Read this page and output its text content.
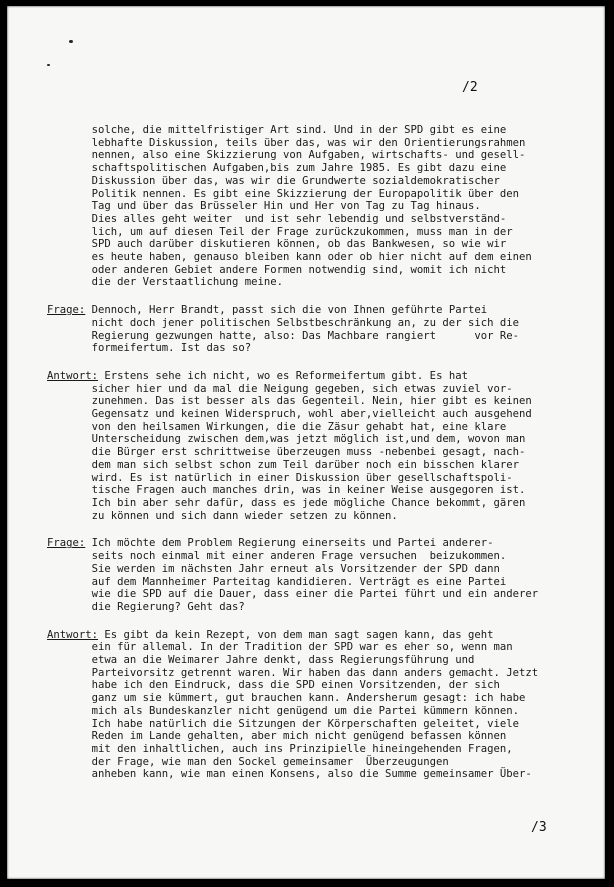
/2
solche, die mittelfristiger Art sind. Und in der SPD gibt es eine
lebhafte Diskussion, teils über das, was wir den Orientierungsrahmen
nennen, also eine Skizzierung von Aufgaben, wirtschafts- und gesell-
schaftspolitischen Aufgaben,bis zum Jahre 1985. Es gibt dazu eine
Diskussion über das, was wir die Grundwerte sozialdemokratischer
Politik nennen. Es gibt eine Skizzierung der Europapolitik über den
Tag und über das Brüsseler Hin und Her von Tag zu Tag hinaus.
Dies alles geht weiter  und ist sehr lebendig und selbstverständ-
lich, um auf diesen Teil der Frage zurückzukommen, muss man in der
SPD auch darüber diskutieren können, ob das Bankwesen, so wie wir
es heute haben, genauso bleiben kann oder ob hier nicht auf dem einen
oder anderen Gebiet andere Formen notwendig sind, womit ich nicht
die der Verstaatlichung meine.
Frage: Dennoch, Herr Brandt, passt sich die von Ihnen geführte Partei
nicht doch jener politischen Selbstbeschränkung an, zu der sich die
Regierung gezwungen hatte, also: Das Machbare rangiert      vor Re-
formeifertum. Ist das so?
Antwort: Erstens sehe ich nicht, wo es Reformeifertum gibt. Es hat
sicher hier und da mal die Neigung gegeben, sich etwas zuviel vor-
zunehmen. Das ist besser als das Gegenteil. Nein, hier gibt es keinen
Gegensatz und keinen Widerspruch, wohl aber,vielleicht auch ausgehend
von den heilsamen Wirkungen, die die Zäsur gehabt hat, eine klare
Unterscheidung zwischen dem,was jetzt möglich ist,und dem, wovon man
die Bürger erst schrittweise überzeugen muss -nebenbei gesagt, nach-
dem man sich selbst schon zum Teil darüber noch ein bisschen klarer
wird. Es ist natürlich in einer Diskussion über gesellschaftspoli-
tische Fragen auch manches drin, was in keiner Weise ausgegoren ist.
Ich bin aber sehr dafür, dass es jede mögliche Chance bekommt, gären
zu können und sich dann wieder setzen zu können.
Frage: Ich möchte dem Problem Regierung einerseits und Partei anderer-
seits noch einmal mit einer anderen Frage versuchen  beizukommen.
Sie werden im nächsten Jahr erneut als Vorsitzender der SPD dann
auf dem Mannheimer Parteitag kandidieren. Verträgt es eine Partei
wie die SPD auf die Dauer, dass einer die Partei führt und ein anderer
die Regierung? Geht das?
Antwort: Es gibt da kein Rezept, von dem man sagt sagen kann, das geht
ein für allemal. In der Tradition der SPD war es eher so, wenn man
etwa an die Weimarer Jahre denkt, dass Regierungsführung und
Parteivorsitz getrennt waren. Wir haben das dann anders gemacht. Jetzt
habe ich den Eindruck, dass die SPD einen Vorsitzenden, der sich
ganz um sie kümmert, gut brauchen kann. Andersherum gesagt: ich habe
mich als Bundeskanzler nicht genügend um die Partei kümmern können.
Ich habe natürlich die Sitzungen der Körperschaften geleitet, viele
Reden im Lande gehalten, aber mich nicht genügend befassen können
mit den inhaltlichen, auch ins Prinzipielle hineingehenden Fragen,
der Frage, wie man den Sockel gemeinsamer  Überzeugungen
anheben kann, wie man einen Konsens, also die Summe gemeinsamer Über-
/3
